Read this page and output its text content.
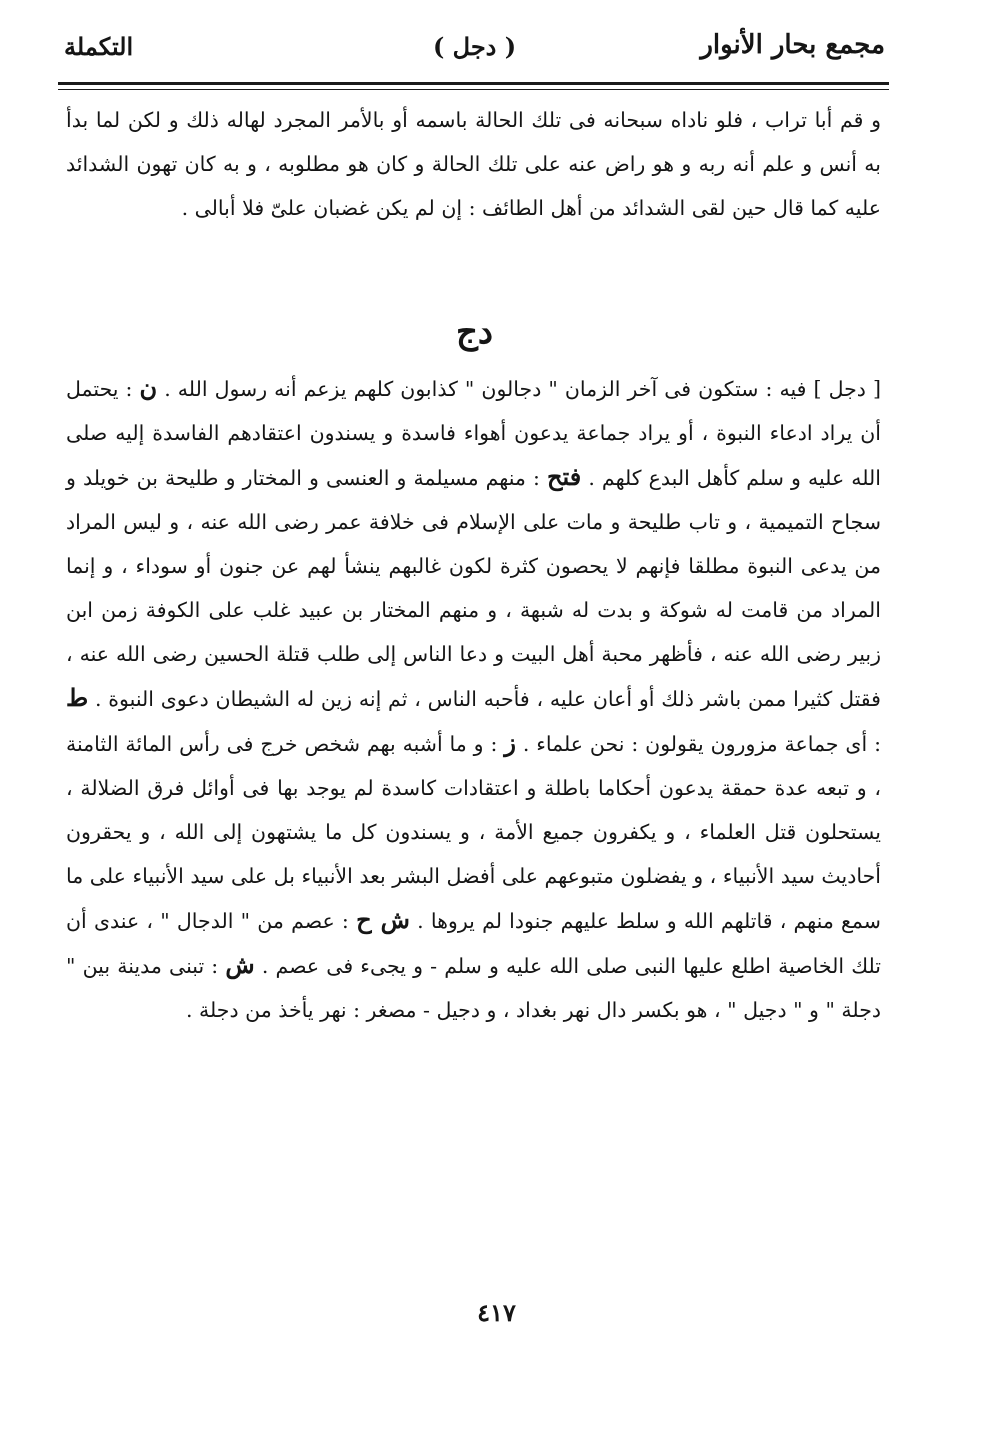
مجمع بحار الأنوار
( دجل )
التكملة

و قم أبا تراب ، فلو ناداه سبحانه فى تلك الحالة باسمه أو بالأمر المجرد لهاله ذلك و لكن لما بدأ به أنس و علم أنه ربه و هو راض عنه على تلك الحالة و كان هو مطلوبه ، و به كان تهون الشدائد عليه كما قال حين لقى الشدائد من أهل الطائف : إن لم يكن غضبان علىّ فلا أبالى .

دج

[ دجل ] فيه : ستكون فى آخر الزمان " دجالون " كذابون كلهم يزعم أنه رسول الله . ن : يحتمل أن يراد ادعاء النبوة ، أو يراد جماعة يدعون أهواء فاسدة و يسندون اعتقادهم الفاسدة إليه صلى الله عليه و سلم كأهل البدع كلهم . فتح : منهم مسيلمة و العنسى و المختار و طليحة بن خويلد و سجاح التميمية ، و تاب طليحة و مات على الإسلام فى خلافة عمر رضى الله عنه ، و ليس المراد من يدعى النبوة مطلقا فإنهم لا يحصون كثرة لكون غالبهم ينشأ لهم عن جنون أو سوداء ، و إنما المراد من قامت له شوكة و بدت له شبهة ، و منهم المختار بن عبيد غلب على الكوفة زمن ابن زبير رضى الله عنه ، فأظهر محبة أهل البيت و دعا الناس إلى طلب قتلة الحسين رضى الله عنه ، فقتل كثيرا ممن باشر ذلك أو أعان عليه ، فأحبه الناس ، ثم إنه زين له الشيطان دعوى النبوة . ط : أى جماعة مزورون يقولون : نحن علماء . ز : و ما أشبه بهم شخص خرج فى رأس المائة الثامنة ، و تبعه عدة حمقة يدعون أحكاما باطلة و اعتقادات كاسدة لم يوجد بها فى أوائل فرق الضلالة ، يستحلون قتل العلماء ، و يكفرون جميع الأمة ، و يسندون كل ما يشتهون إلى الله ، و يحقرون أحاديث سيد الأنبياء ، و يفضلون متبوعهم على أفضل البشر بعد الأنبياء بل على سيد الأنبياء على ما سمع منهم ، قاتلهم الله و سلط عليهم جنودا لم يروها . ش ح : عصم من " الدجال " ، عندى أن تلك الخاصية اطلع عليها النبى صلى الله عليه و سلم - و يجىء فى عصم . ش : تبنى مدينة بين " دجلة " و " دجيل " ، هو بكسر دال نهر بغداد ، و دجيل - مصغر : نهر يأخذ من دجلة .

٤١٧
